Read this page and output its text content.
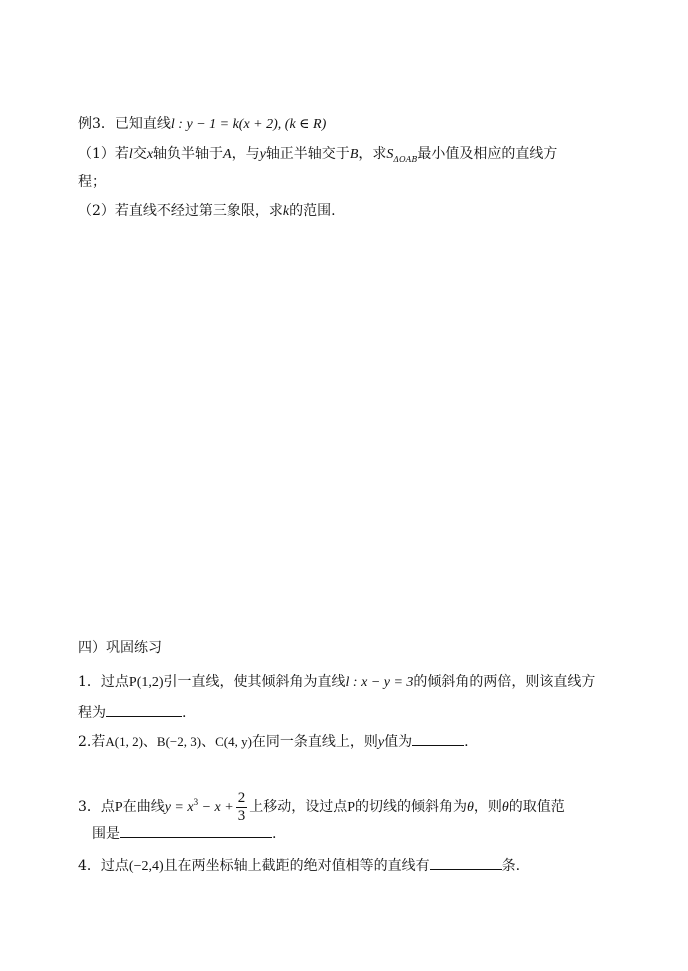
例3．已知直线l : y − 1 = k(x + 2), (k ∈ R)
（1）若l交x轴负半轴于A，与y轴正半轴交于B，求$S_{\Delta OAB}$最小值及相应的直线方
程；
（2）若直线不经过第三象限，求k的范围.
四）巩固练习
1．过点P(1,2)引一直线，使其倾斜角为直线l : x − y = 3的倾斜角的两倍，则该直线方
程为	.
2.若A(1, 2)、B(−2, 3)、C(4, y)在同一条直线上，则y值为	.
3．点P在曲线$y = x^3 - x + \frac{2}{3}$ 上移动，设过点P的切线的倾斜角为θ，则θ的取值范
围是	.
4．过点(−2,4)且在两坐标轴上截距的绝对值相等的直线有	条.
